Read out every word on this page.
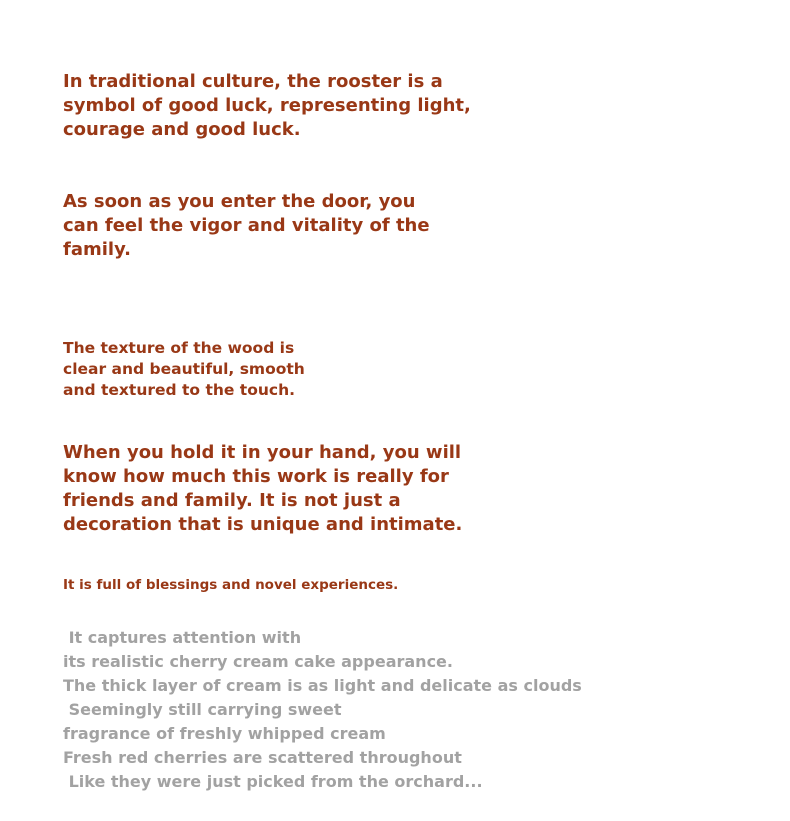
In traditional culture, the rooster is a
symbol of good luck, representing light,
courage and good luck.

As soon as you enter the door, you
can feel the vigor and vitality of the
family.

The texture of the wood is
clear and beautiful, smooth
and textured to the touch.

When you hold it in your hand, you will
know how much this work is really for
friends and family. It is not just a
decoration that is unique and intimate.

It is full of blessings and novel experiences.

It captures attention with
its realistic cherry cream cake appearance.
The thick layer of cream is as light and delicate as clouds
Seemingly still carrying sweet
fragrance of freshly whipped cream
Fresh red cherries are scattered throughout
Like they were just picked from the orchard...
